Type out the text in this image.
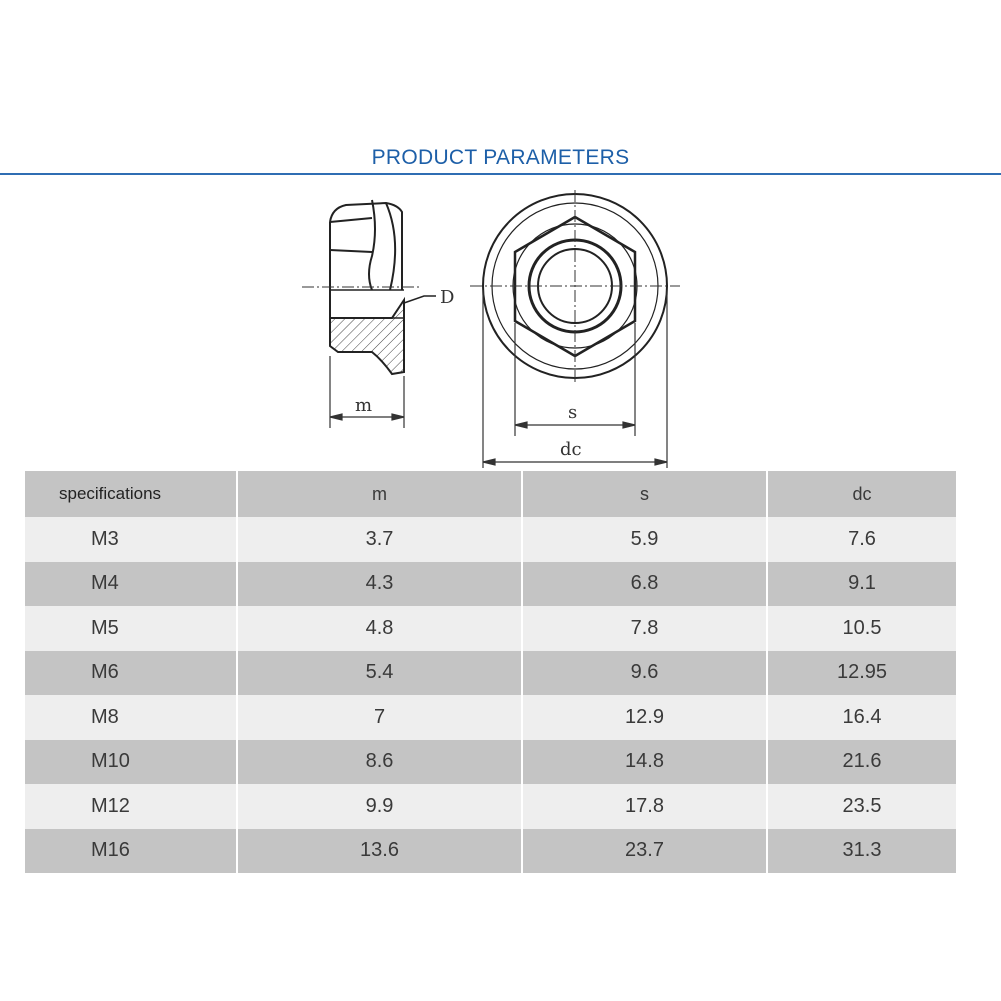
PRODUCT PARAMETERS
D
m	s
dc
specifications	m	s	dc
M3	3.7	5.9	7.6
M4	4.3	6.8	9.1
M5	4.8	7.8	10.5
M6	5.4	9.6	12.95
M8	7	12.9	16.4
M10	8.6	14.8	21.6
M12	9.9	17.8	23.5
M16	13.6	23.7	31.3
